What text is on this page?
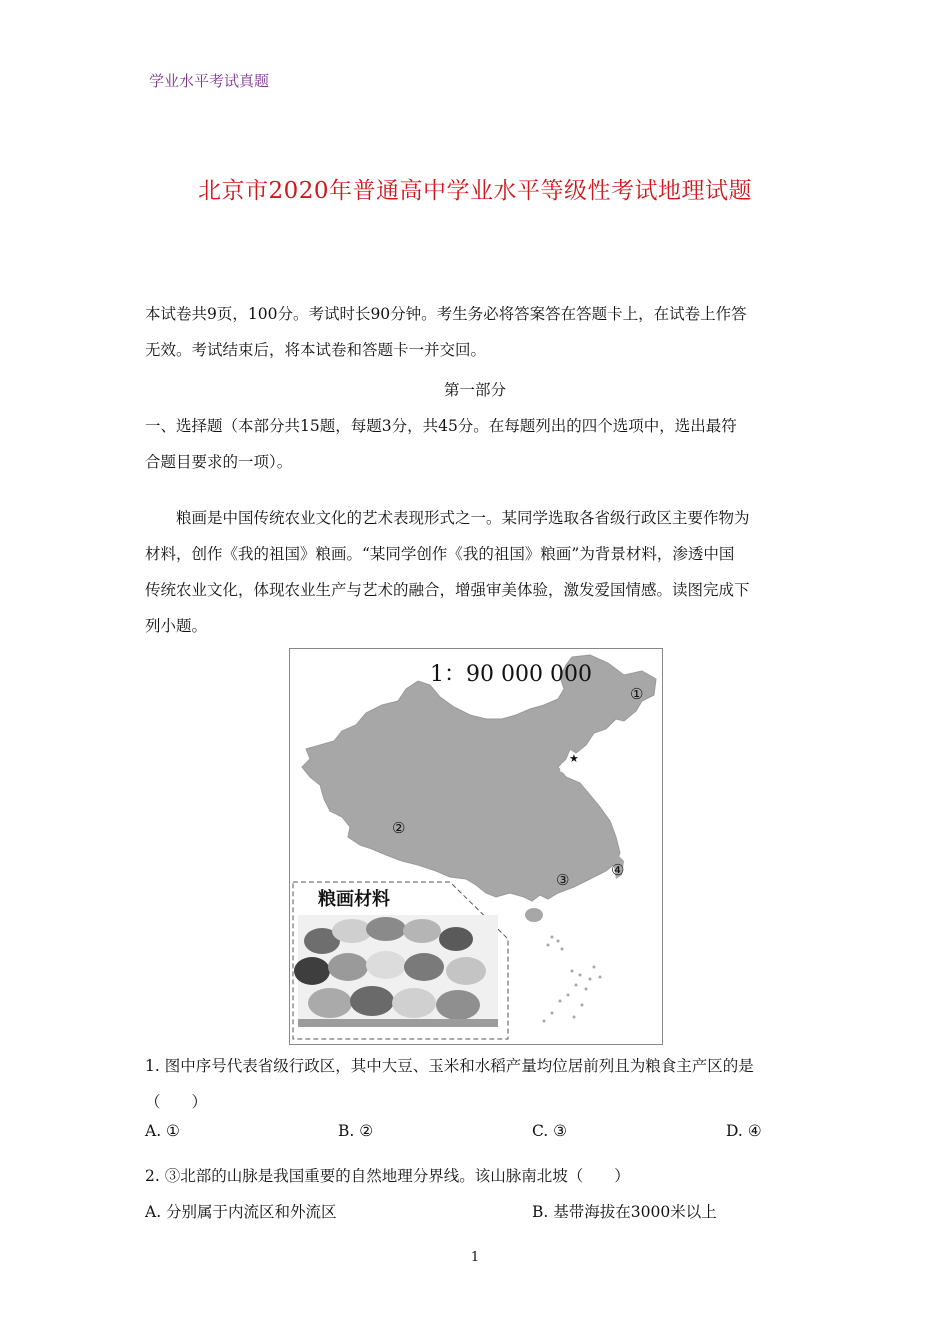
学业水平考试真题
北京市2020年普通高中学业水平等级性考试地理试题

本试卷共9页，100分。考试时长90分钟。考生务必将答案答在答题卡上，在试卷上作答
无效。考试结束后，将本试卷和答题卡一并交回。

第一部分

一、选择题（本部分共15题，每题3分，共45分。在每题列出的四个选项中，选出最符
合题目要求的一项）。

粮画是中国传统农业文化的艺术表现形式之一。某同学选取各省级行政区主要作物为
材料，创作《我的祖国》粮画。“某同学创作《我的祖国》粮画”为背景材料，渗透中国
传统农业文化，体现农业生产与艺术的融合，增强审美体验，激发爱国情感。读图完成下
列小题。

★
1：90 000 000
①
②
③
④
粮画材料

1. 图中序号代表省级行政区，其中大豆、玉米和水稻产量均位居前列且为粮食主产区的是
（　　）

A. ①	B. ②	C. ③	D. ④

2. ③北部的山脉是我国重要的自然地理分界线。该山脉南北坡（　　）

A. 分别属于内流区和外流区	B. 基带海拔在3000米以上
1
